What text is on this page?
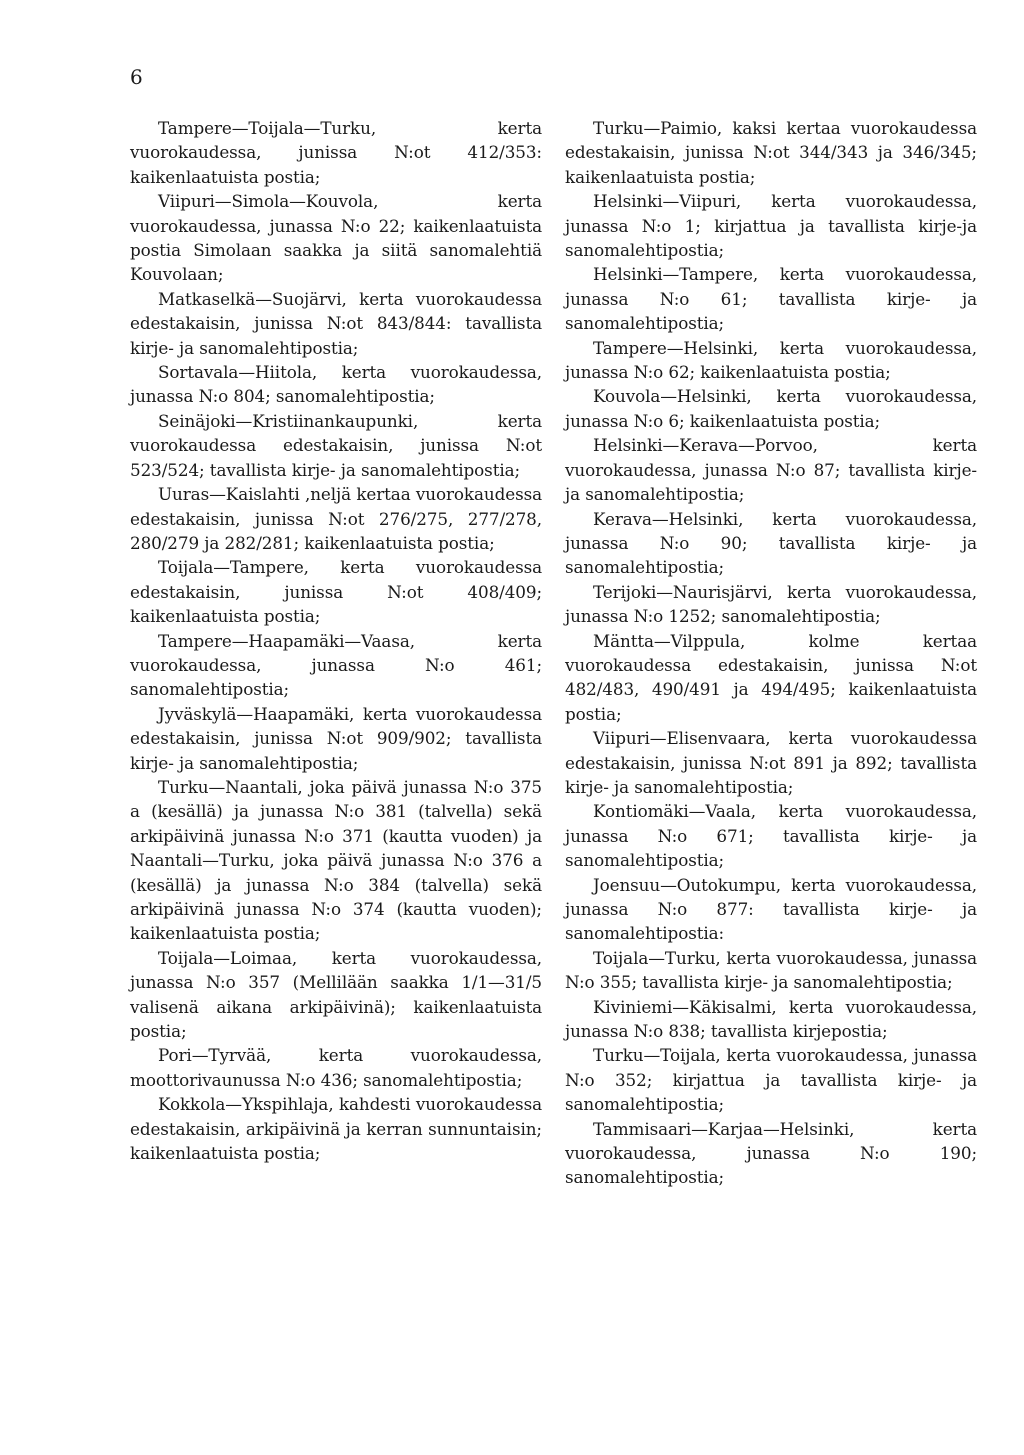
6

Tampere—Toijala—Turku, kerta vuorokaudessa, junissa N:ot 412/353: kaikenlaatuista postia;

Viipuri—Simola—Kouvola, kerta vuorokaudessa, junassa N:o 22; kaikenlaatuista postia Simolaan saakka ja siitä sanomalehtiä Kouvolaan;

Matkaselkä—Suojärvi, kerta vuorokaudessa edestakaisin, junissa N:ot 843/844: tavallista kirje- ja sanomalehtipostia;

Sortavala—Hiitola, kerta vuorokaudessa, junassa N:o 804; sanomalehtipostia;

Seinäjoki—Kristiinankaupunki, kerta vuorokaudessa edestakaisin, junissa N:ot 523/524; tavallista kirje- ja sanomalehtipostia;

Uuras—Kaislahti ,neljä kertaa vuorokaudessa edestakaisin, junissa N:ot 276/275, 277/278, 280/279 ja 282/281; kaikenlaatuista postia;

Toijala—Tampere, kerta vuorokaudessa edestakaisin, junissa N:ot 408/409; kaikenlaatuista postia;

Tampere—Haapamäki—Vaasa, kerta vuorokaudessa, junassa N:o 461; sanomalehtipostia;

Jyväskylä—Haapamäki, kerta vuorokaudessa edestakaisin, junissa N:ot 909/902; tavallista kirje- ja sanomalehtipostia;

Turku—Naantali, joka päivä junassa N:o 375 a (kesällä) ja junassa N:o 381 (talvella) sekä arkipäivinä junassa N:o 371 (kautta vuoden) ja Naantali—Turku, joka päivä junassa N:o 376 a (kesällä) ja junassa N:o 384 (talvella) sekä arkipäivinä junassa N:o 374 (kautta vuoden); kaikenlaatuista postia;

Toijala—Loimaa, kerta vuorokaudessa, junassa N:o 357 (Mellilään saakka 1/1—31/5 valisenä aikana arkipäivinä); kaikenlaatuista postia;

Pori—Tyrvää, kerta vuorokaudessa, moottorivaunussa N:o 436; sanomalehtipostia;

Kokkola—Ykspihlaja, kahdesti vuorokaudessa edestakaisin, arkipäivinä ja kerran sunnuntaisin; kaikenlaatuista postia;

Turku—Paimio, kaksi kertaa vuorokaudessa edestakaisin, junissa N:ot 344/343 ja 346/345; kaikenlaatuista postia;

Helsinki—Viipuri, kerta vuorokaudessa, junassa N:o 1; kirjattua ja tavallista kirje-ja sanomalehtipostia;

Helsinki—Tampere, kerta vuorokaudessa, junassa N:o 61; tavallista kirje- ja sanomalehtipostia;

Tampere—Helsinki, kerta vuorokaudessa, junassa N:o 62; kaikenlaatuista postia;

Kouvola—Helsinki, kerta vuorokaudessa, junassa N:o 6; kaikenlaatuista postia;

Helsinki—Kerava—Porvoo, kerta vuorokaudessa, junassa N:o 87; tavallista kirje-ja sanomalehtipostia;

Kerava—Helsinki, kerta vuorokaudessa, junassa N:o 90; tavallista kirje- ja sanomalehtipostia;

Terijoki—Naurisjärvi, kerta vuorokaudessa, junassa N:o 1252; sanomalehtipostia;

Mäntta—Vilppula, kolme kertaa vuorokaudessa edestakaisin, junissa N:ot 482/483, 490/491 ja 494/495; kaikenlaatuista postia;

Viipuri—Elisenvaara, kerta vuorokaudessa edestakaisin, junissa N:ot 891 ja 892; tavallista kirje- ja sanomalehtipostia;

Kontiomäki—Vaala, kerta vuorokaudessa, junassa N:o 671; tavallista kirje- ja sanomalehtipostia;

Joensuu—Outokumpu, kerta vuorokaudessa, junassa N:o 877: tavallista kirje- ja sanomalehtipostia:

Toijala—Turku, kerta vuorokaudessa, junassa N:o 355; tavallista kirje- ja sanomalehtipostia;

Kiviniemi—Käkisalmi, kerta vuorokaudessa, junassa N:o 838; tavallista kirjepostia;

Turku—Toijala, kerta vuorokaudessa, junassa N:o 352; kirjattua ja tavallista kirje- ja sanomalehtipostia;

Tammisaari—Karjaa—Helsinki, kerta vuorokaudessa, junassa N:o 190; sanomalehtipostia;
